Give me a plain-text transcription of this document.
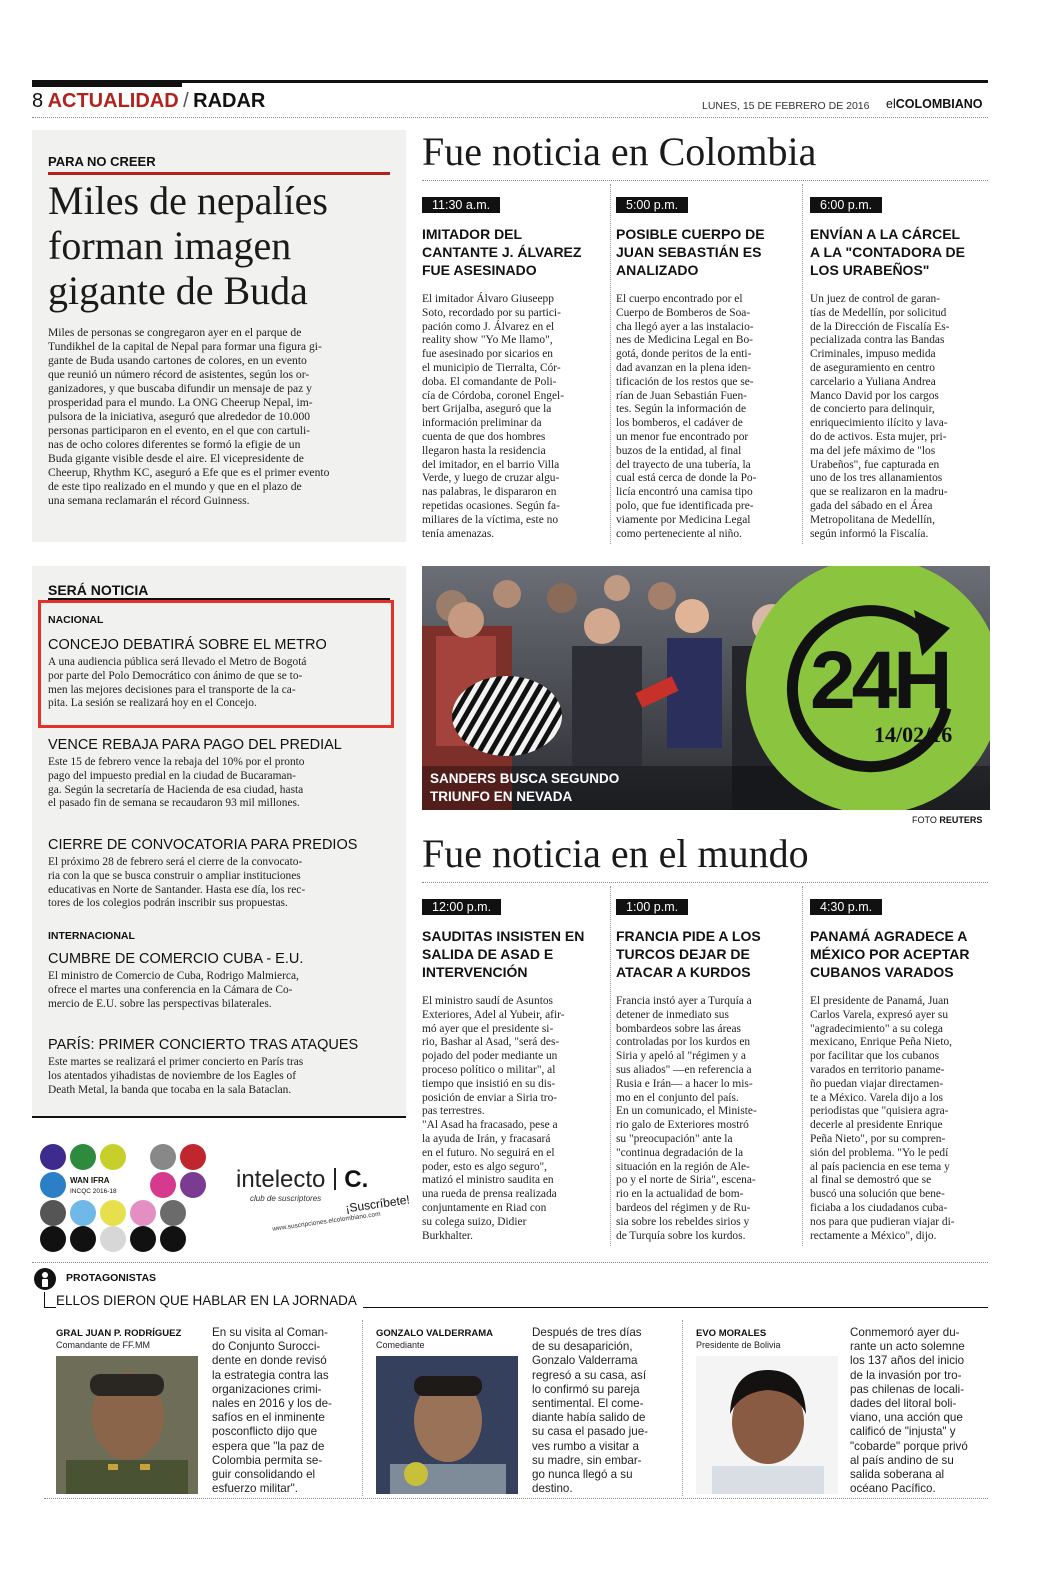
8 ACTUALIDAD / RADAR	LUNES, 15 DE FEBRERO DE 2016 elCOLOMBIANO
PARA NO CREER
Miles de nepalíes
forman imagen
gigante de Buda
Miles de personas se congregaron ayer en el parque de
Tundikhel de la capital de Nepal para formar una figura gi-
gante de Buda usando cartones de colores, en un evento
que reunió un número récord de asistentes, según los or-
ganizadores, y que buscaba difundir un mensaje de paz y
prosperidad para el mundo. La ONG Cheerup Nepal, im-
pulsora de la iniciativa, aseguró que alrededor de 10.000
personas participaron en el evento, en el que con cartuli-
nas de ocho colores diferentes se formó la efigie de un
Buda gigante visible desde el aire. El vicepresidente de
Cheerup, Rhythm KC, aseguró a Efe que es el primer evento
de este tipo realizado en el mundo y que en el plazo de
una semana reclamarán el récord Guinness.
SERÁ NOTICIA
NACIONAL
CONCEJO DEBATIRÁ SOBRE EL METRO
A una audiencia pública será llevado el Metro de Bogotá
por parte del Polo Democrático con ánimo de que se to-
men las mejores decisiones para el transporte de la ca-
pita. La sesión se realizará hoy en el Concejo.
VENCE REBAJA PARA PAGO DEL PREDIAL
Este 15 de febrero vence la rebaja del 10% por el pronto
pago del impuesto predial en la ciudad de Bucaraman-
ga. Según la secretaría de Hacienda de esa ciudad, hasta
el pasado fin de semana se recaudaron 93 mil millones.
CIERRE DE CONVOCATORIA PARA PREDIOS
El próximo 28 de febrero será el cierre de la convocato-
ria con la que se busca construir o ampliar instituciones
educativas en Norte de Santander. Hasta ese día, los rec-
tores de los colegios podrán inscribir sus propuestas.
INTERNACIONAL
CUMBRE DE COMERCIO CUBA - E.U.
El ministro de Comercio de Cuba, Rodrigo Malmierca,
ofrece el martes una conferencia en la Cámara de Co-
mercio de E.U. sobre las perspectivas bilaterales.
PARÍS: PRIMER CONCIERTO TRAS ATAQUES
Este martes se realizará el primer concierto en París tras
los atentados yihadistas de noviembre de los Eagles of
Death Metal, la banda que tocaba en la sala Bataclan.
WAN IFRA
INCQC 2016-18	intelecto C.
club de suscriptores	¡Suscríbete!
www.suscripciones.elcolombiano.com
Fue noticia en Colombia
11:30 a.m.
IMITADOR DEL
CANTANTE J. ÁLVAREZ
FUE ASESINADO
El imitador Álvaro Giuseepp
Soto, recordado por su partici-
pación como J. Álvarez en el
reality show "Yo Me llamo",
fue asesinado por sicarios en
el municipio de Tierralta, Cór-
doba. El comandante de Poli-
cía de Córdoba, coronel Engel-
bert Grijalba, aseguró que la
información preliminar da
cuenta de que dos hombres
llegaron hasta la residencia
del imitador, en el barrio Villa
Verde, y luego de cruzar algu-
nas palabras, le dispararon en
repetidas ocasiones. Según fa-
miliares de la víctima, este no
tenía amenazas.
5:00 p.m.
POSIBLE CUERPO DE
JUAN SEBASTIÁN ES
ANALIZADO
El cuerpo encontrado por el
Cuerpo de Bomberos de Soa-
cha llegó ayer a las instalacio-
nes de Medicina Legal en Bo-
gotá, donde peritos de la enti-
dad avanzan en la plena iden-
tificación de los restos que se-
rían de Juan Sebastián Fuen-
tes. Según la información de
los bomberos, el cadáver de
un menor fue encontrado por
buzos de la entidad, al final
del trayecto de una tubería, la
cual está cerca de donde la Po-
licía encontró una camisa tipo
polo, que fue identificada pre-
viamente por Medicina Legal
como perteneciente al niño.
6:00 p.m.
ENVÍAN A LA CÁRCEL
A LA "CONTADORA DE
LOS URABEÑOS"
Un juez de control de garan-
tías de Medellín, por solicitud
de la Dirección de Fiscalía Es-
pecializada contra las Bandas
Criminales, impuso medida
de aseguramiento en centro
carcelario a Yuliana Andrea
Manco David por los cargos
de concierto para delinquir,
enriquecimiento ilícito y lava-
do de activos. Esta mujer, pri-
ma del jefe máximo de "los
Urabeños", fue capturada en
uno de los tres allanamientos
que se realizaron en la madru-
gada del sábado en el Área
Metropolitana de Medellín,
según informó la Fiscalía.
24H
14/02/16
SANDERS BUSCA SEGUNDO
TRIUNFO EN NEVADA
FOTO REUTERS
Fue noticia en el mundo
12:00 p.m.
SAUDITAS INSISTEN EN
SALIDA DE ASAD E
INTERVENCIÓN
El ministro saudí de Asuntos
Exteriores, Adel al Yubeir, afir-
mó ayer que el presidente si-
rio, Bashar al Asad, "será des-
pojado del poder mediante un
proceso político o militar", al
tiempo que insistió en su dis-
posición de enviar a Siria tro-
pas terrestres.
"Al Asad ha fracasado, pese a
la ayuda de Irán, y fracasará
en el futuro. No seguirá en el
poder, esto es algo seguro",
matizó el ministro saudita en
una rueda de prensa realizada
conjuntamente en Riad con
su colega suizo, Didier
Burkhalter.
1:00 p.m.
FRANCIA PIDE A LOS
TURCOS DEJAR DE
ATACAR A KURDOS
Francia instó ayer a Turquía a
detener de inmediato sus
bombardeos sobre las áreas
controladas por los kurdos en
Siria y apeló al "régimen y a
sus aliados" —en referencia a
Rusia e Irán— a hacer lo mis-
mo en el conjunto del país.
En un comunicado, el Ministe-
rio galo de Exteriores mostró
su "preocupación" ante la
"continua degradación de la
situación en la región de Ale-
po y el norte de Siria", escena-
rio en la actualidad de bom-
bardeos del régimen y de Ru-
sia sobre los rebeldes sirios y
de Turquía sobre los kurdos.
4:30 p.m.
PANAMÁ AGRADECE A
MÉXICO POR ACEPTAR
CUBANOS VARADOS
El presidente de Panamá, Juan
Carlos Varela, expresó ayer su
"agradecimiento" a su colega
mexicano, Enrique Peña Nieto,
por facilitar que los cubanos
varados en territorio paname-
ño puedan viajar directamen-
te a México. Varela dijo a los
periodistas que "quisiera agra-
decerle al presidente Enrique
Peña Nieto", por su compren-
sión del problema. "Yo le pedí
al país paciencia en ese tema y
al final se demostró que se
buscó una solución que bene-
ficiaba a los ciudadanos cuba-
nos para que pudieran viajar di-
rectamente a México", dijo.
PROTAGONISTAS
ELLOS DIERON QUE HABLAR EN LA JORNADA
GRAL JUAN P. RODRÍGUEZ
Comandante de FF.MM
En su visita al Coman-
do Conjunto Surocci-
dente en donde revisó
la estrategia contra las
organizaciones crimi-
nales en 2016 y los de-
safíos en el inminente
posconflicto dijo que
espera que "la paz de
Colombia permita se-
guir consolidando el
esfuerzo militar".
GONZALO VALDERRAMA
Comediante
Después de tres días
de su desaparición,
Gonzalo Valderrama
regresó a su casa, así
lo confirmó su pareja
sentimental. El come-
diante había salido de
su casa el pasado jue-
ves rumbo a visitar a
su madre, sin embar-
go nunca llegó a su
destino.
EVO MORALES
Presidente de Bolivia
Conmemoró ayer du-
rante un acto solemne
los 137 años del inicio
de la invasión por tro-
pas chilenas de locali-
dades del litoral boli-
viano, una acción que
calificó de "injusta" y
"cobarde" porque privó
al país andino de su
salida soberana al
océano Pacífico.
